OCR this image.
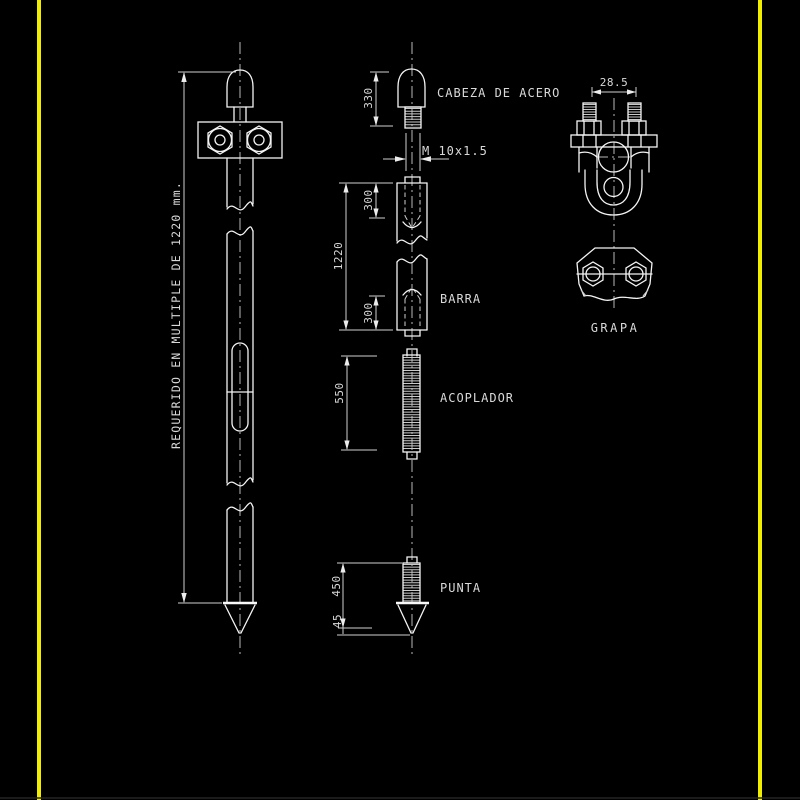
REQUERIDO EN MULTIPLE DE 1220 mm.
330	CABEZA DE ACERO
M 10x1.5
1220
300
300
BARRA
550	ACOPLADOR
450
45
PUNTA
28.5
GRAPA
